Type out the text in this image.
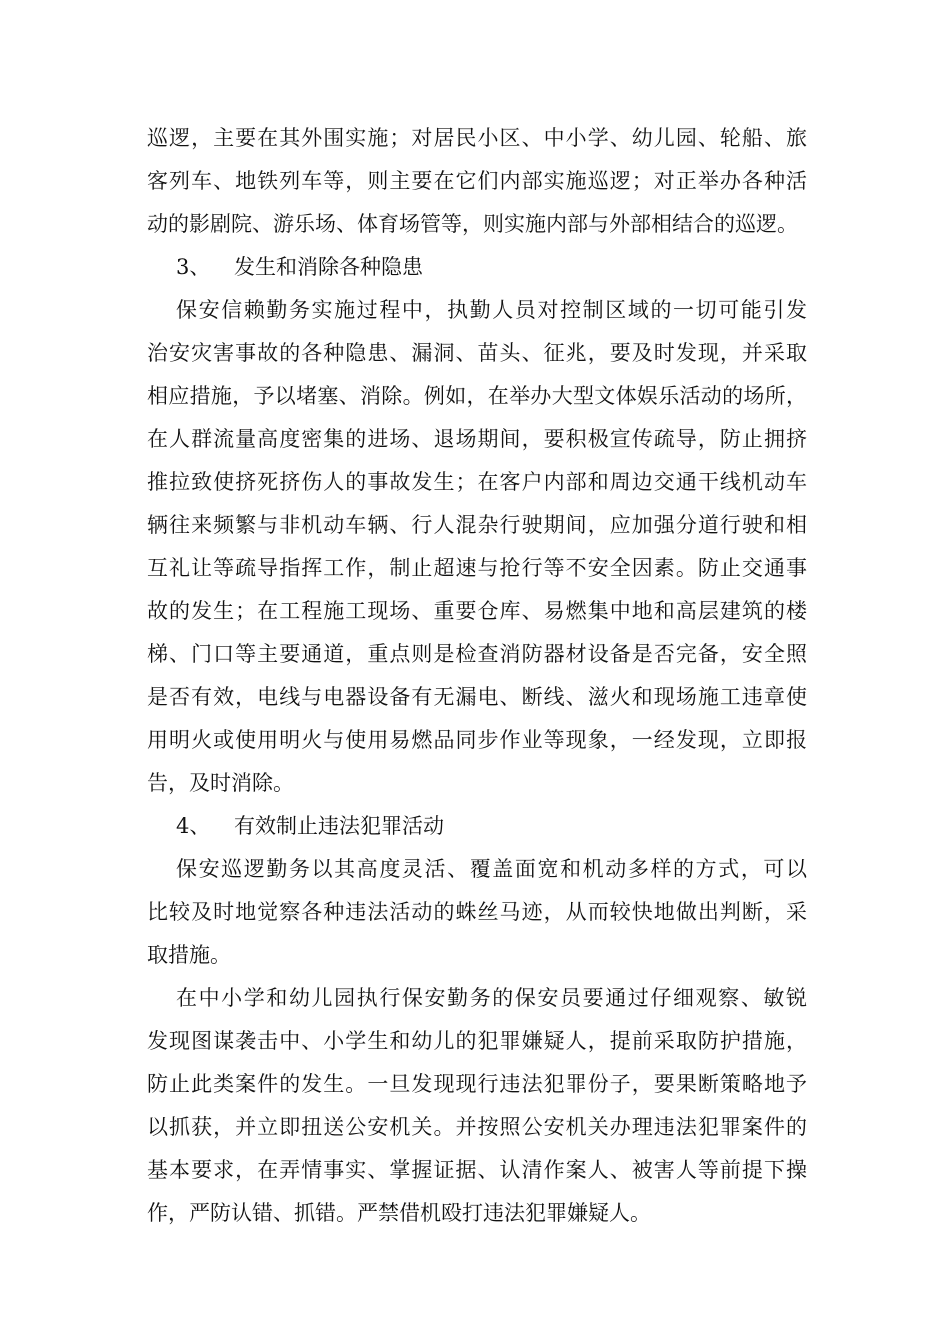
巡逻，主要在其外围实施；对居民小区、中小学、幼儿园、轮船、旅
客列车、地铁列车等，则主要在它们内部实施巡逻；对正举办各种活
动的影剧院、游乐场、体育场管等，则实施内部与外部相结合的巡逻。
3、 发生和消除各种隐患
保安信赖勤务实施过程中，执勤人员对控制区域的一切可能引发
治安灾害事故的各种隐患、漏洞、苗头、征兆，要及时发现，并采取
相应措施，予以堵塞、消除。例如，在举办大型文体娱乐活动的场所，
在人群流量高度密集的进场、退场期间，要积极宣传疏导，防止拥挤
推拉致使挤死挤伤人的事故发生；在客户内部和周边交通干线机动车
辆往来频繁与非机动车辆、行人混杂行驶期间，应加强分道行驶和相
互礼让等疏导指挥工作，制止超速与抢行等不安全因素。防止交通事
故的发生；在工程施工现场、重要仓库、易燃集中地和高层建筑的楼
梯、门口等主要通道，重点则是检查消防器材设备是否完备，安全照
是否有效，电线与电器设备有无漏电、断线、滋火和现场施工违章使
用明火或使用明火与使用易燃品同步作业等现象，一经发现，立即报
告，及时消除。
4、 有效制止违法犯罪活动
保安巡逻勤务以其高度灵活、覆盖面宽和机动多样的方式，可以
比较及时地觉察各种违法活动的蛛丝马迹，从而较快地做出判断，采
取措施。
在中小学和幼儿园执行保安勤务的保安员要通过仔细观察、敏锐
发现图谋袭击中、小学生和幼儿的犯罪嫌疑人，提前采取防护措施，
防止此类案件的发生。一旦发现现行违法犯罪份子，要果断策略地予
以抓获，并立即扭送公安机关。并按照公安机关办理违法犯罪案件的
基本要求，在弄情事实、掌握证据、认清作案人、被害人等前提下操
作，严防认错、抓错。严禁借机殴打违法犯罪嫌疑人。
